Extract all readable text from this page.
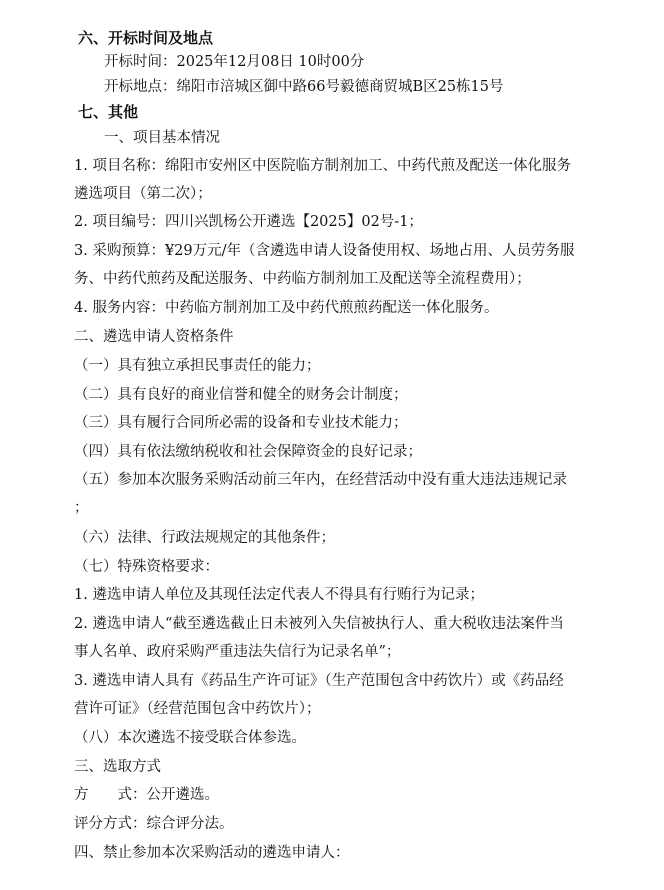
六、开标时间及地点
开标时间：2025年12月08日 10时00分
开标地点：绵阳市涪城区御中路66号毅德商贸城B区25栋15号
七、其他
一、项目基本情况
1. 项目名称：绵阳市安州区中医院临方制剂加工、中药代煎及配送一体化服务
遴选项目（第二次）；
2. 项目编号：四川兴凯杨公开遴选【2025】02号-1；
3. 采购预算：¥29万元/年（含遴选申请人设备使用权、场地占用、人员劳务服
务、中药代煎药及配送服务、中药临方制剂加工及配送等全流程费用）；
4. 服务内容：中药临方制剂加工及中药代煎煎药配送一体化服务。
二、遴选申请人资格条件
（一）具有独立承担民事责任的能力；
（二）具有良好的商业信誉和健全的财务会计制度；
（三）具有履行合同所必需的设备和专业技术能力；
（四）具有依法缴纳税收和社会保障资金的良好记录；
（五）参加本次服务采购活动前三年内，在经营活动中没有重大违法违规记录
；
（六）法律、行政法规规定的其他条件；
（七）特殊资格要求：
1. 遴选申请人单位及其现任法定代表人不得具有行贿行为记录；
2. 遴选申请人“截至遴选截止日未被列入失信被执行人、重大税收违法案件当
事人名单、政府采购严重违法失信行为记录名单”；
3. 遴选申请人具有《药品生产许可证》（生产范围包含中药饮片）或《药品经
营许可证》（经营范围包含中药饮片）；
（八）本次遴选不接受联合体参选。
三、选取方式
方　　式：公开遴选。
评分方式：综合评分法。
四、禁止参加本次采购活动的遴选申请人：
